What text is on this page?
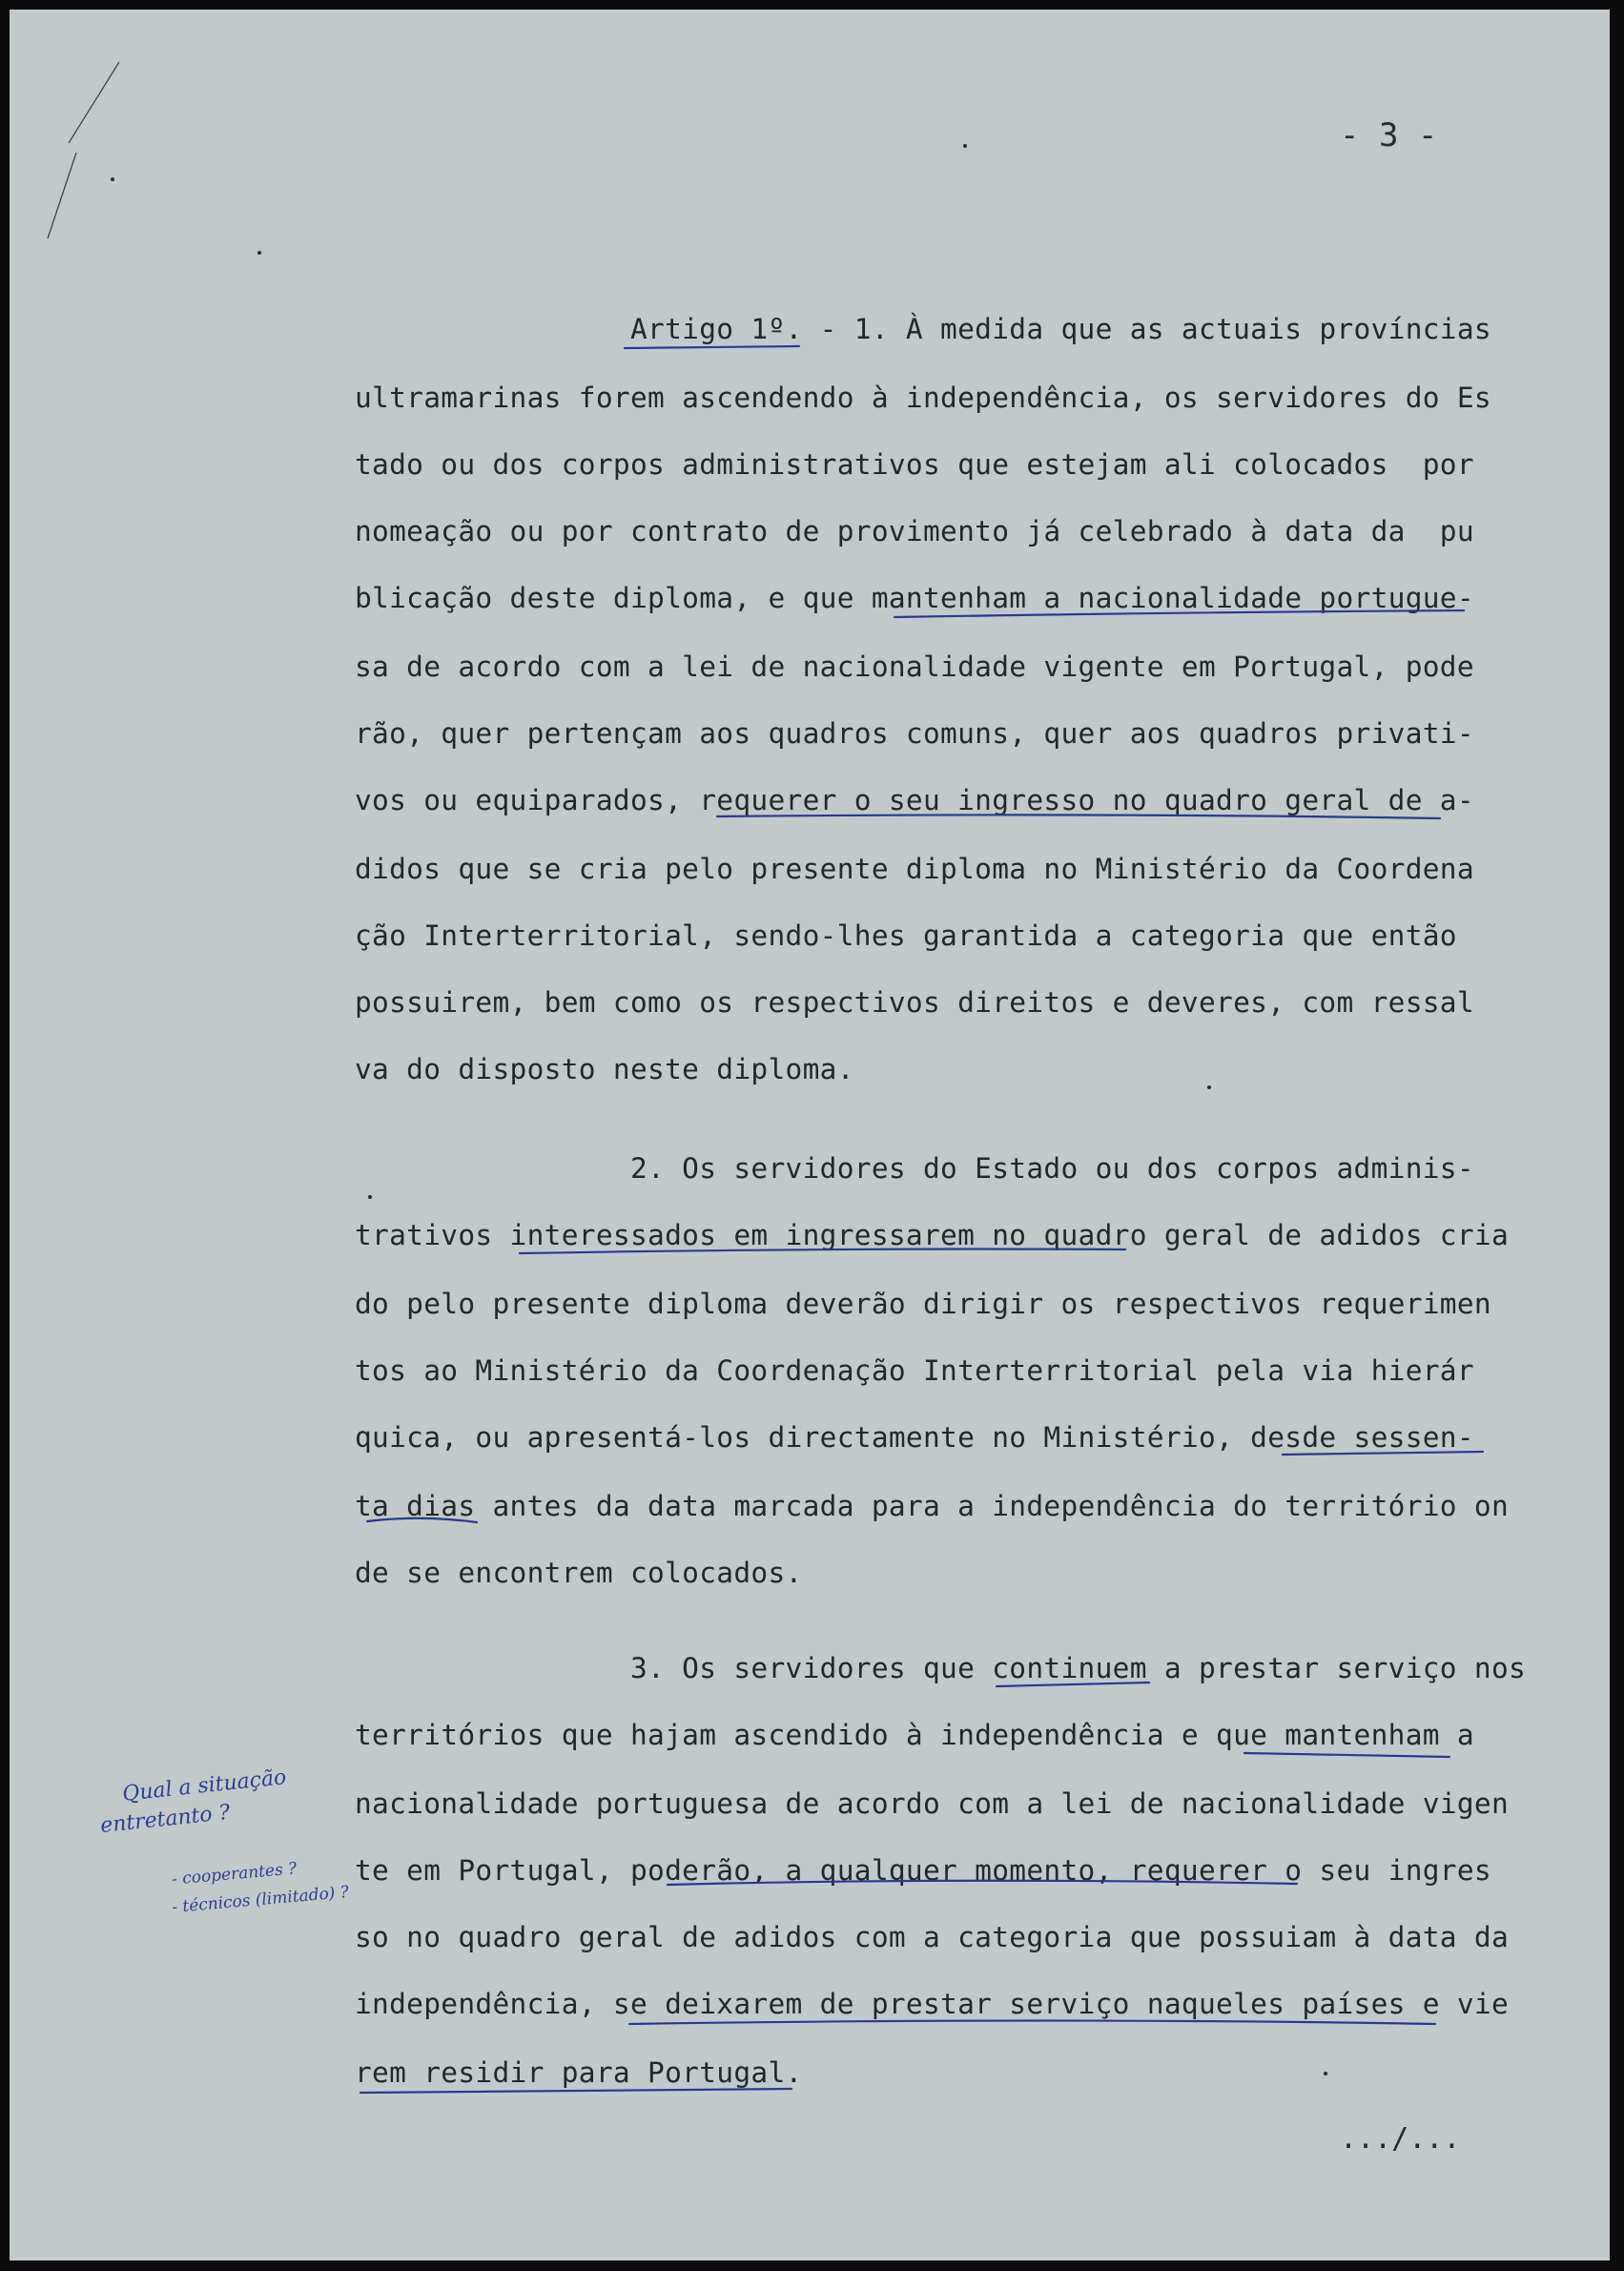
- 3 -
Artigo 1º. - 1. À medida que as actuais províncias
ultramarinas forem ascendendo à independência, os servidores do Es
tado ou dos corpos administrativos que estejam ali colocados  por
nomeação ou por contrato de provimento já celebrado à data da  pu
blicação deste diploma, e que mantenham a nacionalidade portugue-
sa de acordo com a lei de nacionalidade vigente em Portugal, pode
rão, quer pertençam aos quadros comuns, quer aos quadros privati-
vos ou equiparados, requerer o seu ingresso no quadro geral de a-
didos que se cria pelo presente diploma no Ministério da Coordena
ção Interterritorial, sendo-lhes garantida a categoria que então
possuirem, bem como os respectivos direitos e deveres, com ressal
va do disposto neste diploma.
2. Os servidores do Estado ou dos corpos adminis-
trativos interessados em ingressarem no quadro geral de adidos cria
do pelo presente diploma deverão dirigir os respectivos requerimen
tos ao Ministério da Coordenação Interterritorial pela via hierár
quica, ou apresentá-los directamente no Ministério, desde sessen-
ta dias antes da data marcada para a independência do território on
de se encontrem colocados.
3. Os servidores que continuem a prestar serviço nos
territórios que hajam ascendido à independência e que mantenham a
nacionalidade portuguesa de acordo com a lei de nacionalidade vigen
te em Portugal, poderão, a qualquer momento, requerer o seu ingres
so no quadro geral de adidos com a categoria que possuiam à data da
independência, se deixarem de prestar serviço naqueles países e vie
rem residir para Portugal.
Qual a situação
entretanto ?
- cooperantes ?
- técnicos (limitado) ?
.../...
